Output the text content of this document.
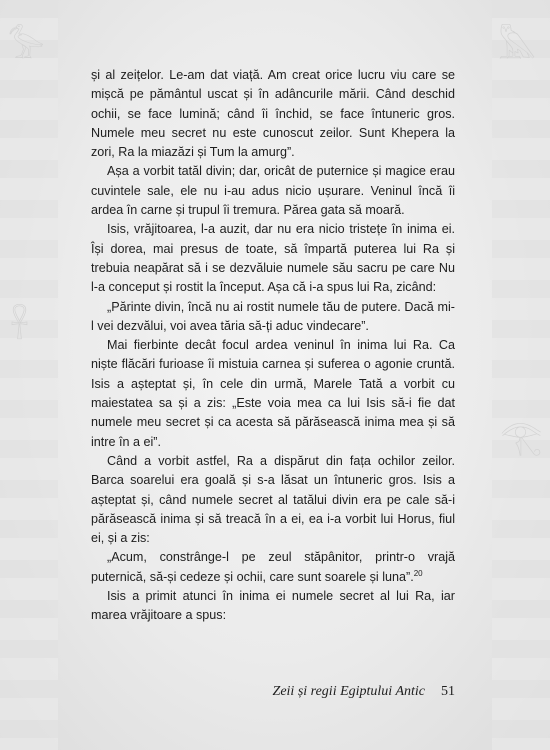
𓅞	𓅓
𓋹
𓂀

și al zeițelor. Le-am dat viață. Am creat orice lucru viu care se mișcă pe pământul uscat și în adâncurile mării. Când deschid ochii, se face lumină; când îi închid, se face întuneric gros. Numele meu secret nu este cunoscut zeilor. Sunt Khepera la zori, Ra la miazăzi și Tum la amurg”.

Așa a vorbit tatăl divin; dar, oricât de puternice și magice erau cuvintele sale, ele nu i-au adus nicio ușurare. Veninul încă îi ardea în carne și trupul îi tremura. Părea gata să moară.

Isis, vrăjitoarea, l-a auzit, dar nu era nicio tristețe în inima ei. Își dorea, mai presus de toate, să împartă puterea lui Ra și trebuia neapărat să i se dezvăluie numele său sacru pe care Nu l-a conceput și rostit la început. Așa că i-a spus lui Ra, zicând:

„Părinte divin, încă nu ai rostit numele tău de putere. Dacă mi-l vei dezvălui, voi avea tăria să-ți aduc vindecare”.

Mai fierbinte decât focul ardea veninul în inima lui Ra. Ca niște flăcări furioase îi mistuia carnea și suferea o agonie cruntă. Isis a așteptat și, în cele din urmă, Marele Tată a vorbit cu maiestatea sa și a zis: „Este voia mea ca lui Isis să-i fie dat numele meu secret și ca acesta să părăsească inima mea și să intre în a ei”.

Când a vorbit astfel, Ra a dispărut din fața ochilor zeilor. Barca soarelui era goală și s-a lăsat un întuneric gros. Isis a așteptat și, când numele secret al tatălui divin era pe cale să-i părăsească inima și să treacă în a ei, ea i-a vorbit lui Horus, fiul ei, și a zis:

„Acum, constrânge-l pe zeul stăpânitor, printr-o vrajă puternică, să-și cedeze și ochii, care sunt soarele și luna”.$^{20}$

Isis a primit atunci în inima ei numele secret al lui Ra, iar marea vrăjitoare a spus:

Zeii și regii Egiptului Antic 51
